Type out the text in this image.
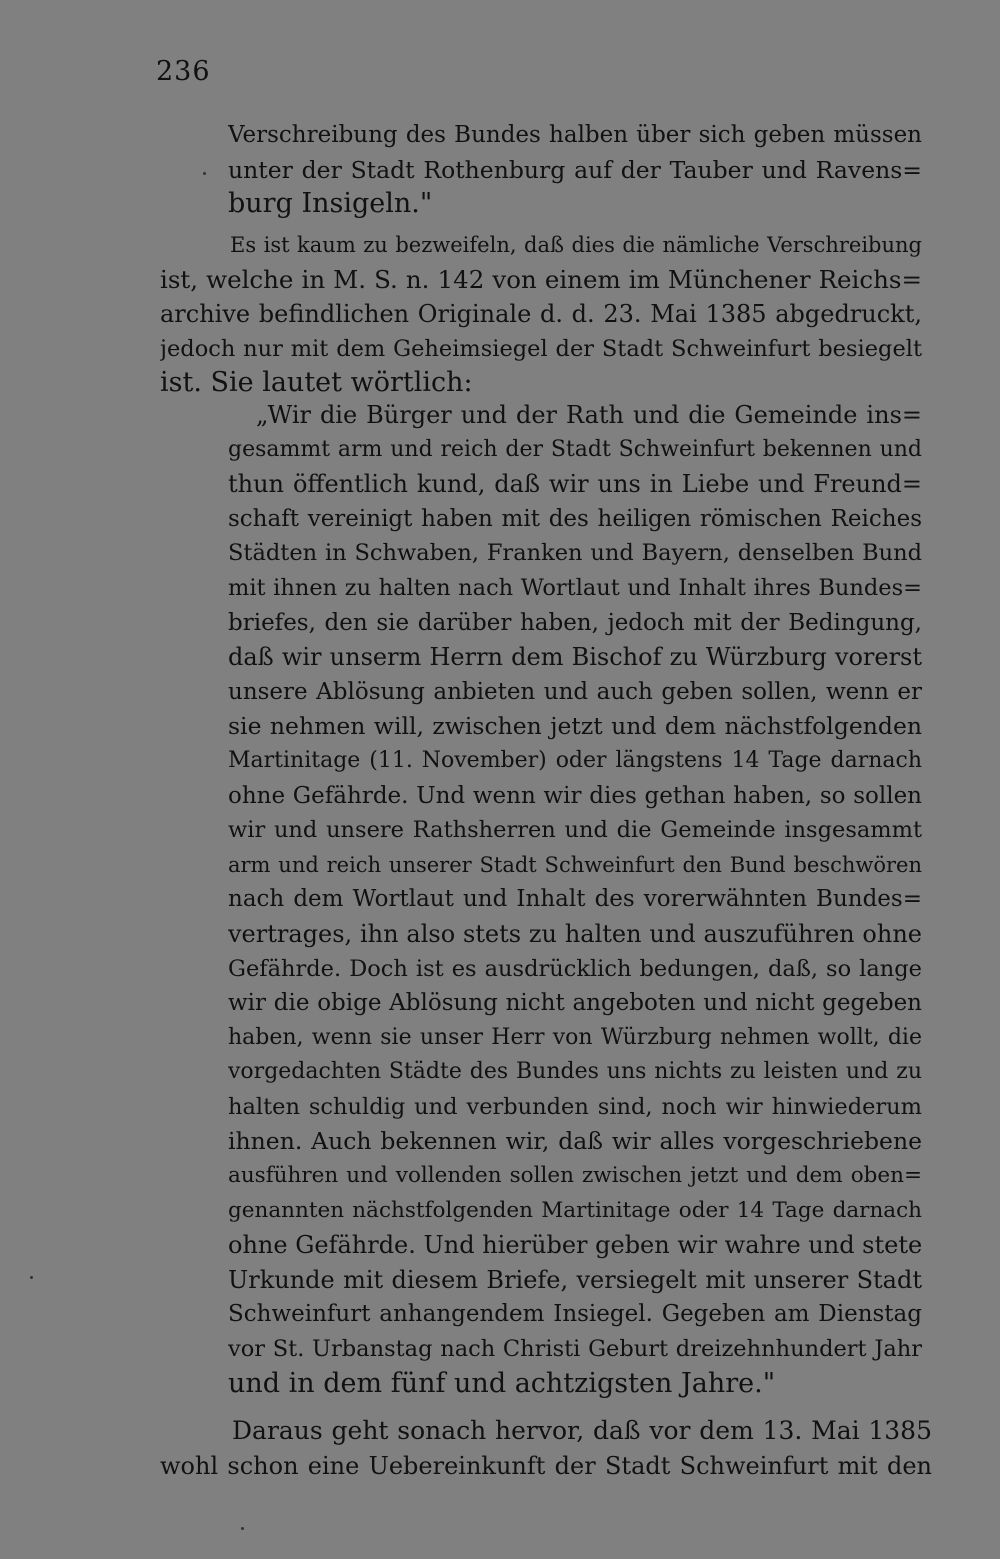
236
Verschreibung des Bundes halben über sich geben müssen
unter der Stadt Rothenburg auf der Tauber und Ravens=
burg Insigeln."
Es ist kaum zu bezweifeln, daß dies die nämliche Verschreibung
ist, welche in M. S. n. 142 von einem im Münchener Reichs=
archive befindlichen Originale d. d. 23. Mai 1385 abgedruckt,
jedoch nur mit dem Geheimsiegel der Stadt Schweinfurt besiegelt
ist. Sie lautet wörtlich:
„Wir die Bürger und der Rath und die Gemeinde ins=
gesammt arm und reich der Stadt Schweinfurt bekennen und
thun öffentlich kund, daß wir uns in Liebe und Freund=
schaft vereinigt haben mit des heiligen römischen Reiches
Städten in Schwaben, Franken und Bayern, denselben Bund
mit ihnen zu halten nach Wortlaut und Inhalt ihres Bundes=
briefes, den sie darüber haben, jedoch mit der Bedingung,
daß wir unserm Herrn dem Bischof zu Würzburg vorerst
unsere Ablösung anbieten und auch geben sollen, wenn er
sie nehmen will, zwischen jetzt und dem nächstfolgenden
Martinitage (11. November) oder längstens 14 Tage darnach
ohne Gefährde. Und wenn wir dies gethan haben, so sollen
wir und unsere Rathsherren und die Gemeinde insgesammt
arm und reich unserer Stadt Schweinfurt den Bund beschwören
nach dem Wortlaut und Inhalt des vorerwähnten Bundes=
vertrages, ihn also stets zu halten und auszuführen ohne
Gefährde. Doch ist es ausdrücklich bedungen, daß, so lange
wir die obige Ablösung nicht angeboten und nicht gegeben
haben, wenn sie unser Herr von Würzburg nehmen wollt, die
vorgedachten Städte des Bundes uns nichts zu leisten und zu
halten schuldig und verbunden sind, noch wir hinwiederum
ihnen. Auch bekennen wir, daß wir alles vorgeschriebene
ausführen und vollenden sollen zwischen jetzt und dem oben=
genannten nächstfolgenden Martinitage oder 14 Tage darnach
ohne Gefährde. Und hierüber geben wir wahre und stete
Urkunde mit diesem Briefe, versiegelt mit unserer Stadt
Schweinfurt anhangendem Insiegel. Gegeben am Dienstag
vor St. Urbanstag nach Christi Geburt dreizehnhundert Jahr
und in dem fünf und achtzigsten Jahre."
Daraus geht sonach hervor, daß vor dem 13. Mai 1385
wohl schon eine Uebereinkunft der Stadt Schweinfurt mit den
